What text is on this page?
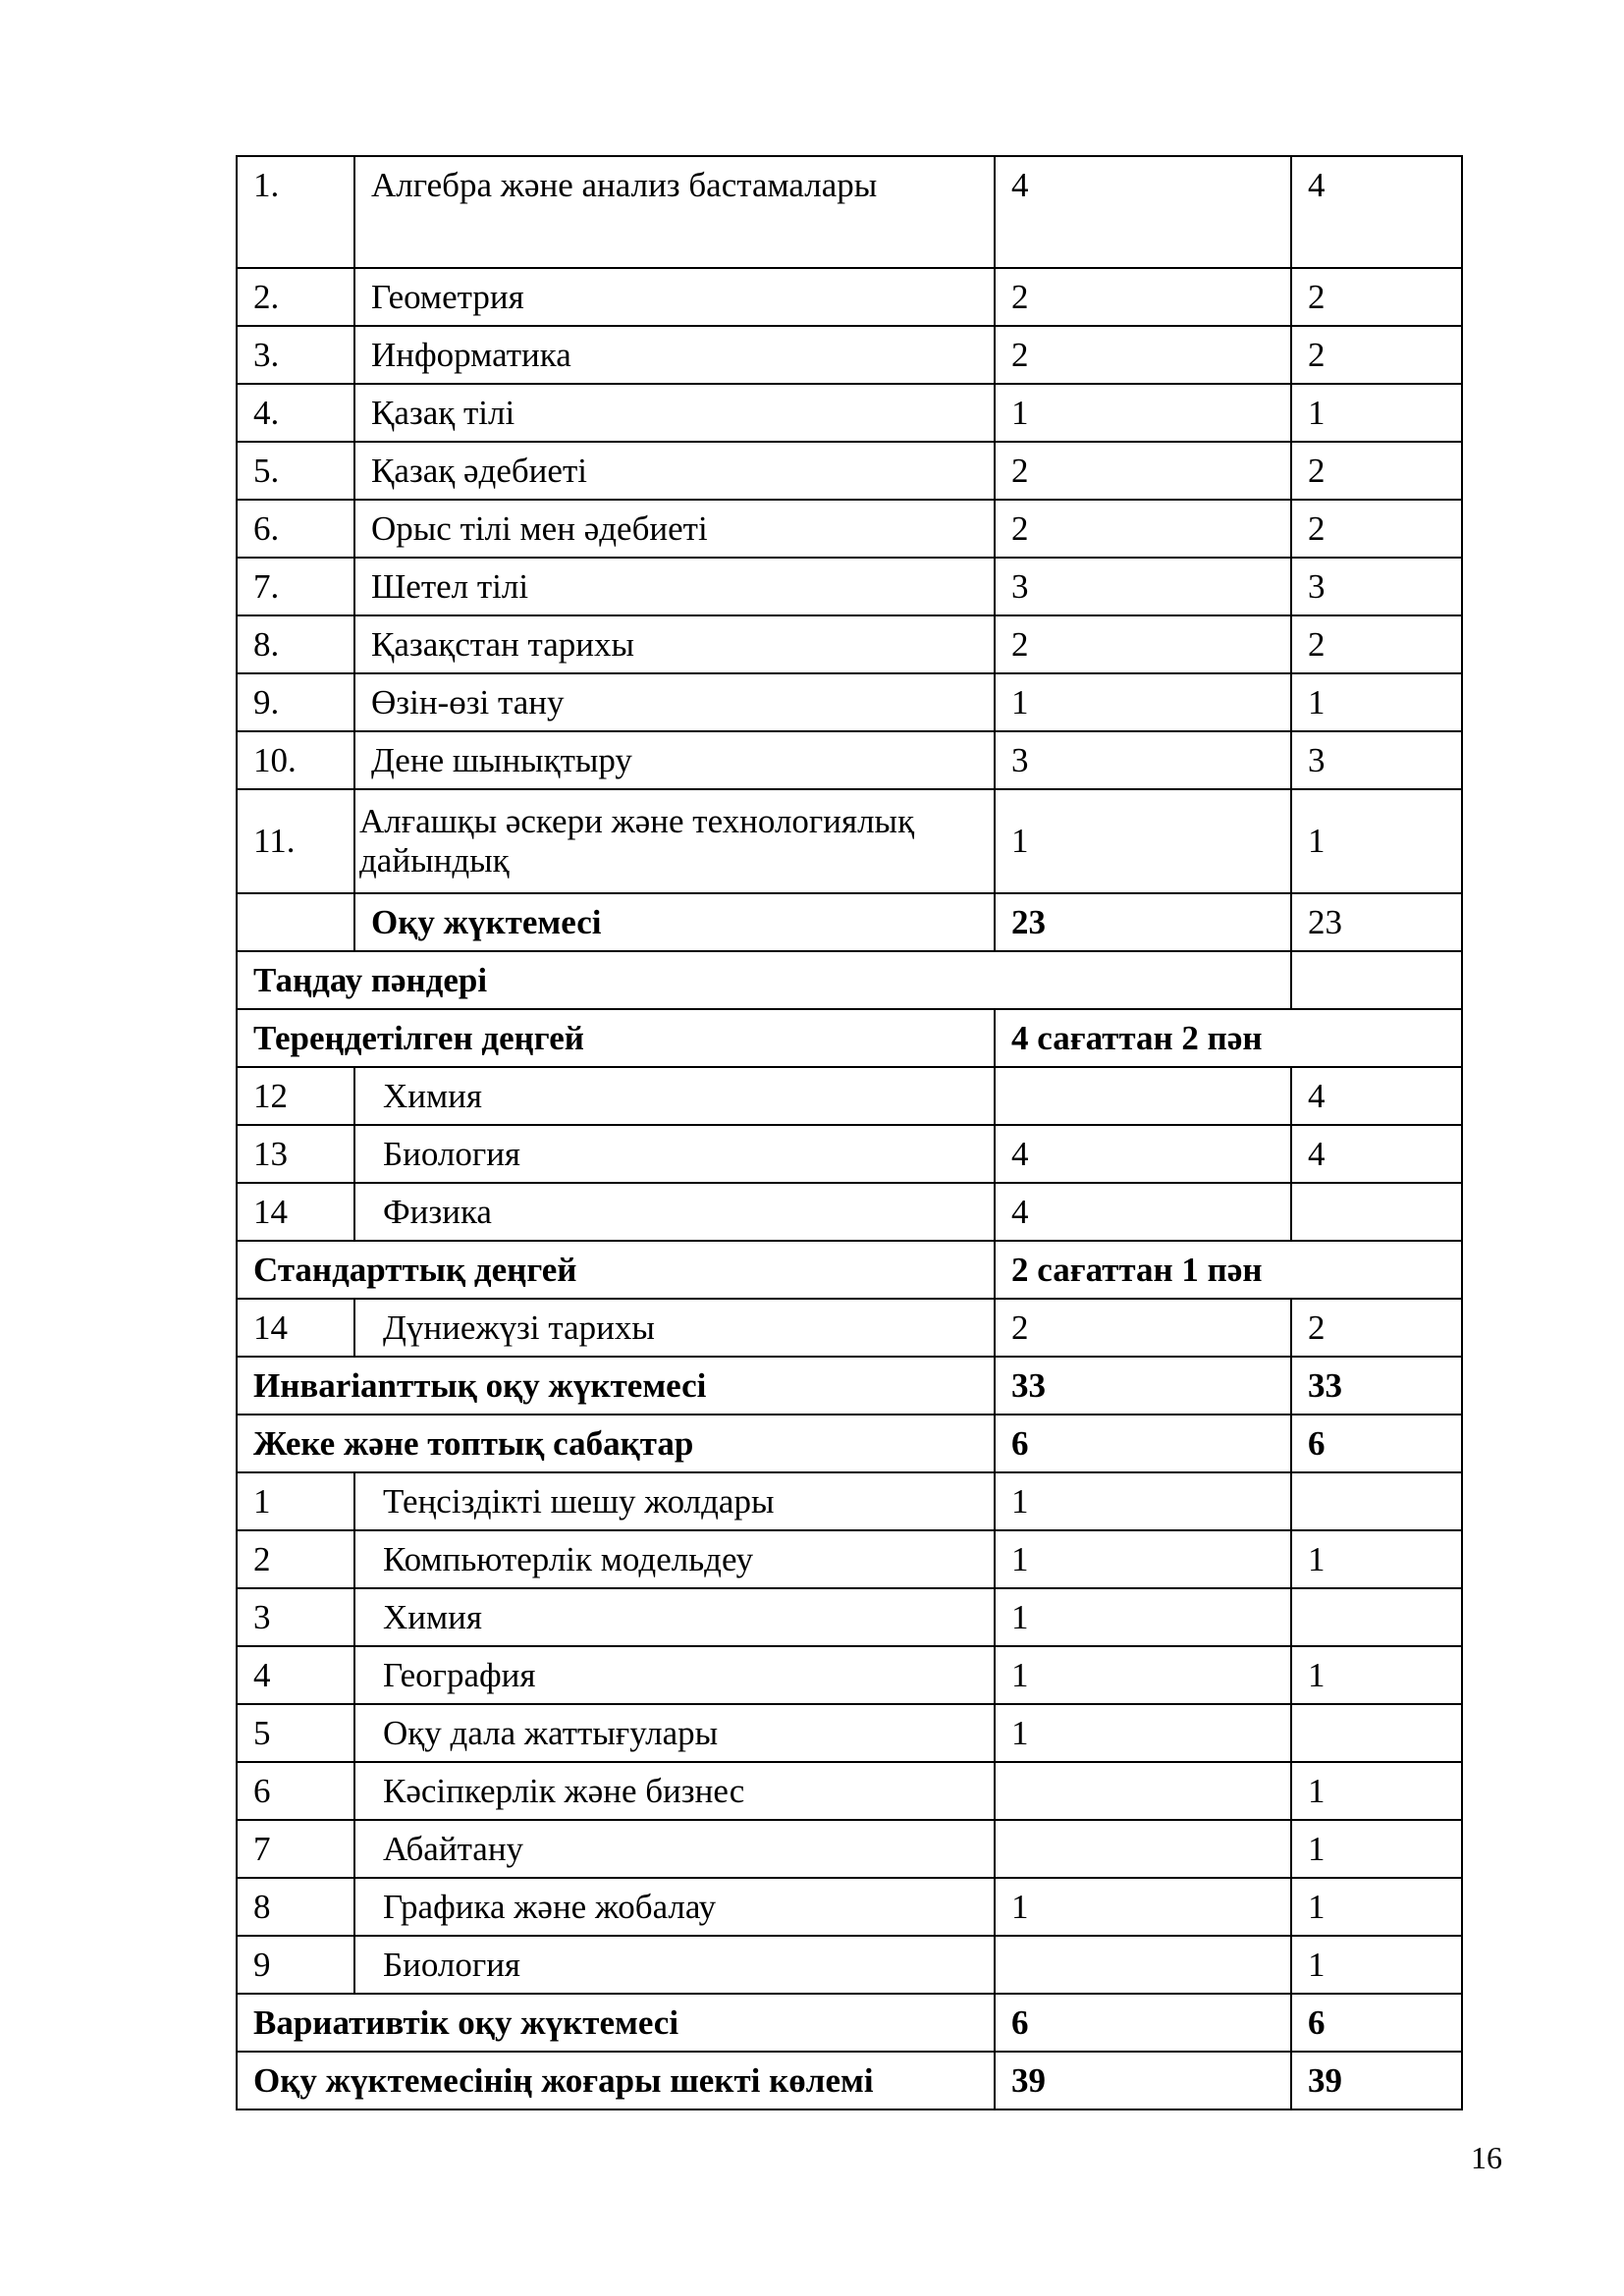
1.	Алгебра және анализ бастамалары	4	4
2.	Геометрия	2	2
3.	Информатика	2	2
4.	Қазақ тілі	1	1
5.	Қазақ әдебиеті	2	2
6.	Орыс тілі мен әдебиеті	2	2
7.	Шетел тілі	3	3
8.	Қазақстан тарихы	2	2
9.	Өзін-өзі тану	1	1
10.	Дене шынықтыру	3	3
11.	Алғашқы әскери және технологиялық дайындық	1	1
	Оқу жүктемесі	23	23
Таңдау пәндері			
Тереңдетілген деңгей		4 сағаттан 2 пән	
12	Химия		4
13	Биология	4	4
14	Физика	4	
Стандарттық деңгей		2 сағаттан 1 пән	
14	Дүниежүзі тарихы	2	2
Инвarianттық оқу жүктемесі		33	33
Жеке және топтық сабақтар		6	6
1	Теңсіздікті шешу жолдары	1	
2	Компьютерлік модельдеу	1	1
3	Химия	1	
4	География	1	1
5	Оқу дала жаттығулары	1	
6	Кәсіпкерлік және бизнес		1
7	Абайтану		1
8	Графика және жобалау	1	1
9	Биология		1
Вариативтік оқу жүктемесі		6	6
Оқу жүктемесінің жоғары шекті көлемі		39	39
16
